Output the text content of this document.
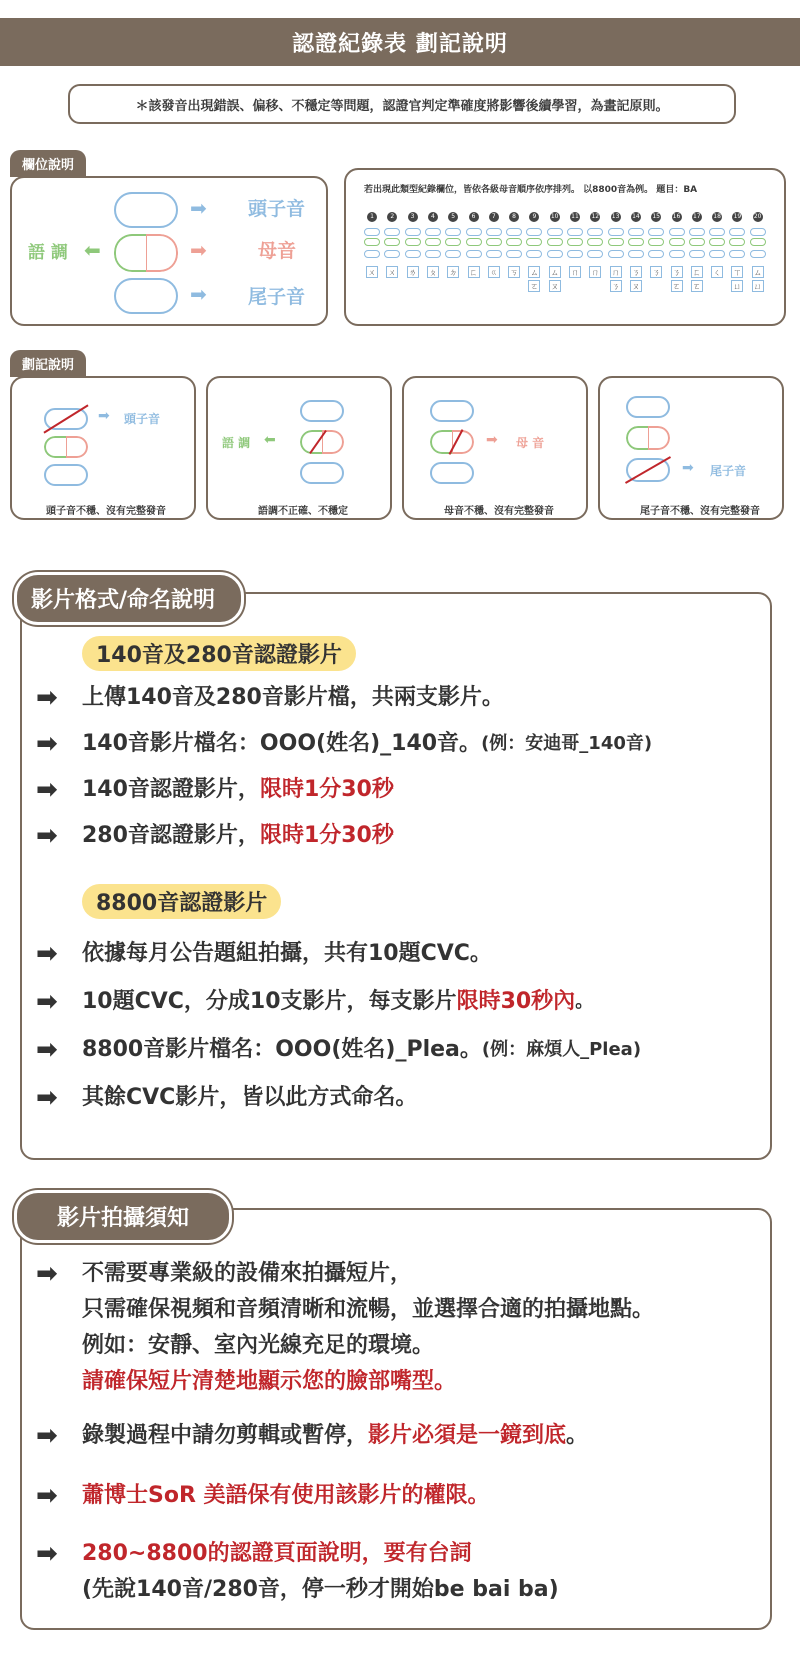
認證紀錄表 劃記說明
＊該發音出現錯誤、偏移、不穩定等問題，認證官判定準確度將影響後續學習，為畫記原則。
欄位說明
➡
➡
➡
⬅
頭子音
母音
尾子音
語 調
若出現此類型紀錄欄位，皆依各級母音順序依序排列。 以8800音為例。 題目：BA
1
ㄨ
2
ㄨ
3
ㄌ
4
ㄆ
5
ㄉ
6
ㄈ
7
ㄍ
8
ㄎ
9
ㄙ
ㄛ
10
ㄙ
ㄡ
11
ㄇ
12
ㄇ
13
ㄇ
ㄋ
14
ㄋ
ㄡ
15
ㄋ
16
ㄋ
ㄛ
17
ㄈ
ㄛ
18
ㄑ
19
ㄒ
ㄩ
20
ㄙ
ㄩ
劃記說明
➡ 頭子音
頭子音不穩、沒有完整發音
⬅
語 調
語調不正確、不穩定
➡ 母 音
母音不穩、沒有完整發音
➡ 尾子音
尾子音不穩、沒有完整發音
影片格式/命名說明
140音及280音認證影片
➡	上傳140音及280音影片檔，共兩支影片。
➡	140音影片檔名：OOO(姓名)_140音。 (例：安迪哥_140音)
➡	140音認證影片， 限時1分30秒
➡	280音認證影片， 限時1分30秒
8800音認證影片
➡	依據每月公告題組拍攝，共有10題CVC。
➡	10題CVC，分成10支影片，每支影片 限時30秒內 。
➡	8800音影片檔名：OOO(姓名)_Plea。 (例：麻煩人_Plea)
➡	其餘CVC影片，皆以此方式命名。
影片拍攝須知
➡	不需要專業級的設備來拍攝短片，
只需確保視頻和音頻清晰和流暢，並選擇合適的拍攝地點。
例如：安靜、室內光線充足的環境。
請確保短片清楚地顯示您的臉部嘴型。
➡	錄製過程中請勿剪輯或暫停， 影片必須是一鏡到底 。
➡	蕭博士SoR 美語保有使用該影片的權限。
➡	280~8800的認證頁面說明，要有台詞
(先說140音/280音，停一秒才開始be bai ba)
